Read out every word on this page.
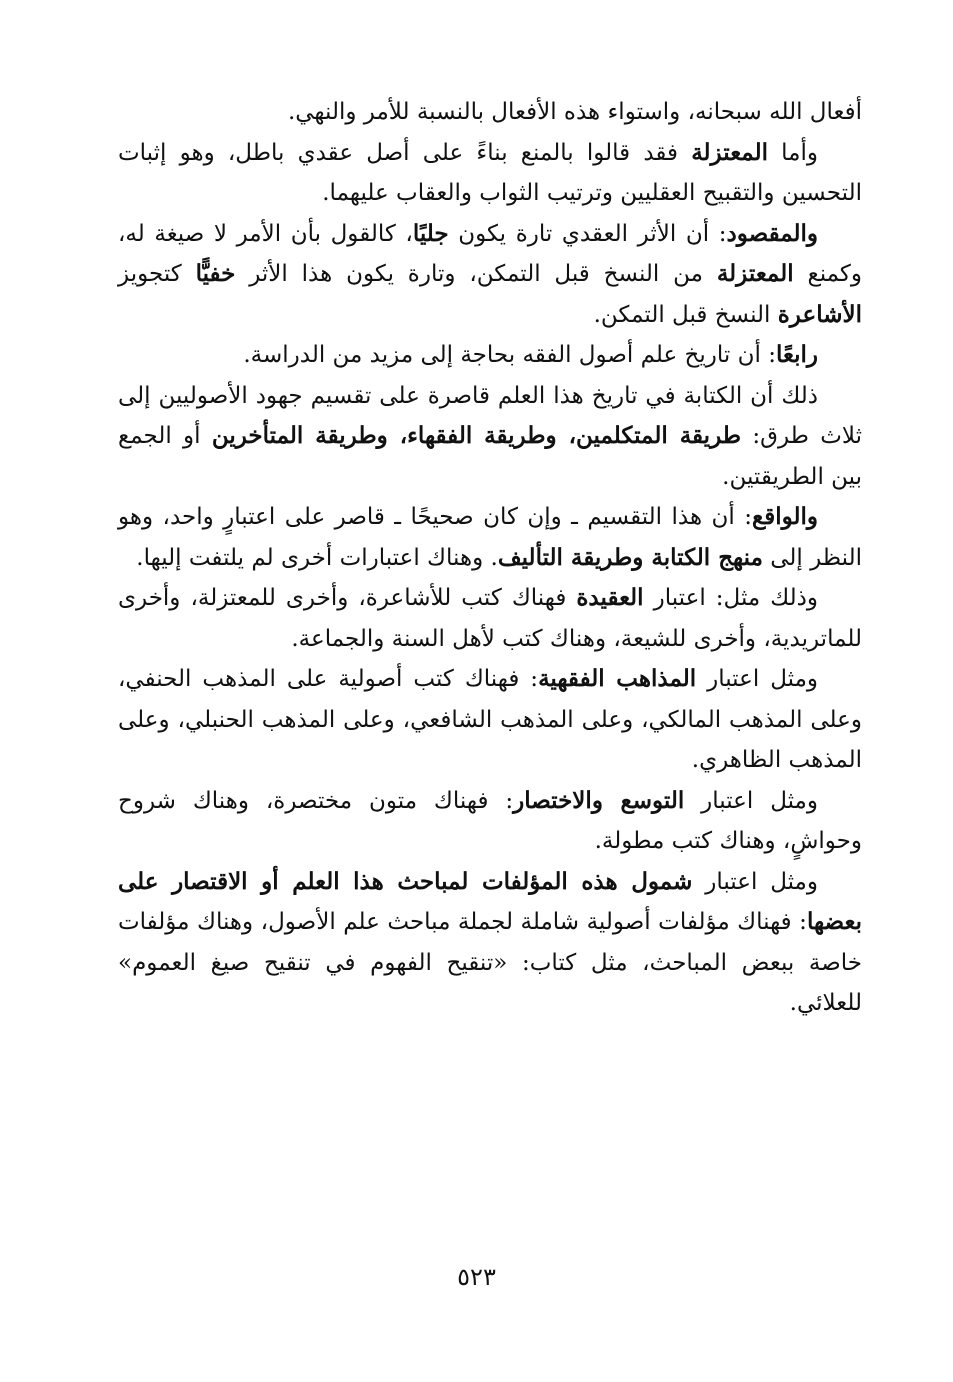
أفعال الله سبحانه، واستواء هذه الأفعال بالنسبة للأمر والنهي.

وأما المعتزلة فقد قالوا بالمنع بناءً على أصل عقدي باطل، وهو إثبات التحسين والتقبيح العقليين وترتيب الثواب والعقاب عليهما.

والمقصود: أن الأثر العقدي تارة يكون جليًا، كالقول بأن الأمر لا صيغة له، وكمنع المعتزلة من النسخ قبل التمكن، وتارة يكون هذا الأثر خفيًّا كتجويز الأشاعرة النسخ قبل التمكن.

رابعًا: أن تاريخ علم أصول الفقه بحاجة إلى مزيد من الدراسة.

ذلك أن الكتابة في تاريخ هذا العلم قاصرة على تقسيم جهود الأصوليين إلى ثلاث طرق: طريقة المتكلمين، وطريقة الفقهاء، وطريقة المتأخرين أو الجمع بين الطريقتين.

والواقع: أن هذا التقسيم ـ وإن كان صحيحًا ـ قاصر على اعتبارٍ واحد، وهو النظر إلى منهج الكتابة وطريقة التأليف. وهناك اعتبارات أخرى لم يلتفت إليها.

وذلك مثل: اعتبار العقيدة فهناك كتب للأشاعرة، وأخرى للمعتزلة، وأخرى للماتريدية، وأخرى للشيعة، وهناك كتب لأهل السنة والجماعة.

ومثل اعتبار المذاهب الفقهية: فهناك كتب أصولية على المذهب الحنفي، وعلى المذهب المالكي، وعلى المذهب الشافعي، وعلى المذهب الحنبلي، وعلى المذهب الظاهري.

ومثل اعتبار التوسع والاختصار: فهناك متون مختصرة، وهناك شروح وحواشٍ، وهناك كتب مطولة.

ومثل اعتبار شمول هذه المؤلفات لمباحث هذا العلم أو الاقتصار على بعضها: فهناك مؤلفات أصولية شاملة لجملة مباحث علم الأصول، وهناك مؤلفات خاصة ببعض المباحث، مثل كتاب: «تنقيح الفهوم في تنقيح صيغ العموم» للعلائي.

٥٢٣
